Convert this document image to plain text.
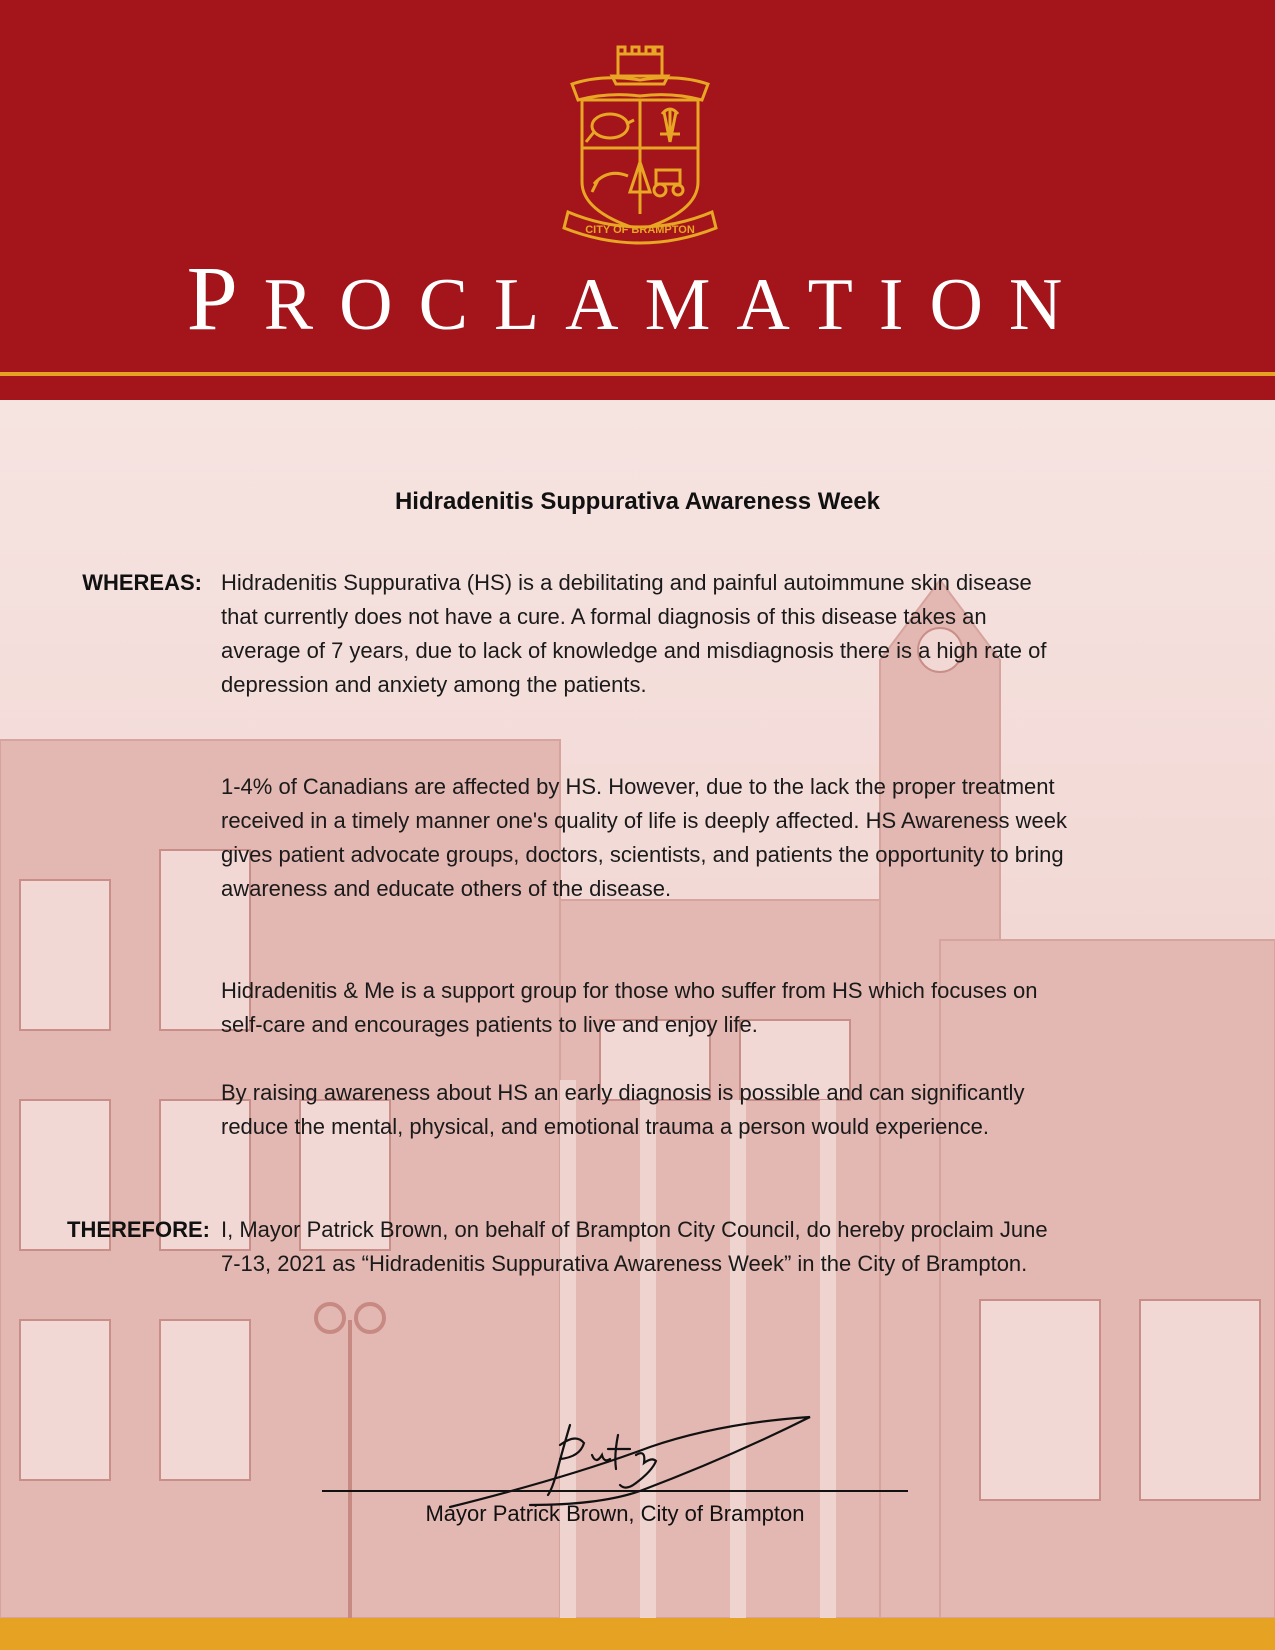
CITY OF BRAMPTON
PROCLAMATION
Hidradenitis Suppurativa Awareness Week
WHEREAS: Hidradenitis Suppurativa (HS) is a debilitating and painful autoimmune skin disease that currently does not have a cure. A formal diagnosis of this disease takes an average of 7 years, due to lack of knowledge and misdiagnosis there is a high rate of depression and anxiety among the patients.
1-4% of Canadians are affected by HS. However, due to the lack the proper treatment received in a timely manner one's quality of life is deeply affected. HS Awareness week gives patient advocate groups, doctors, scientists, and patients the opportunity to bring awareness and educate others of the disease.
Hidradenitis & Me is a support group for those who suffer from HS which focuses on self-care and encourages patients to live and enjoy life.
By raising awareness about HS an early diagnosis is possible and can significantly reduce the mental, physical, and emotional trauma a person would experience.
THEREFORE: I, Mayor Patrick Brown, on behalf of Brampton City Council, do hereby proclaim June 7-13, 2021 as “Hidradenitis Suppurativa Awareness Week” in the City of Brampton.
Mayor Patrick Brown, City of Brampton
